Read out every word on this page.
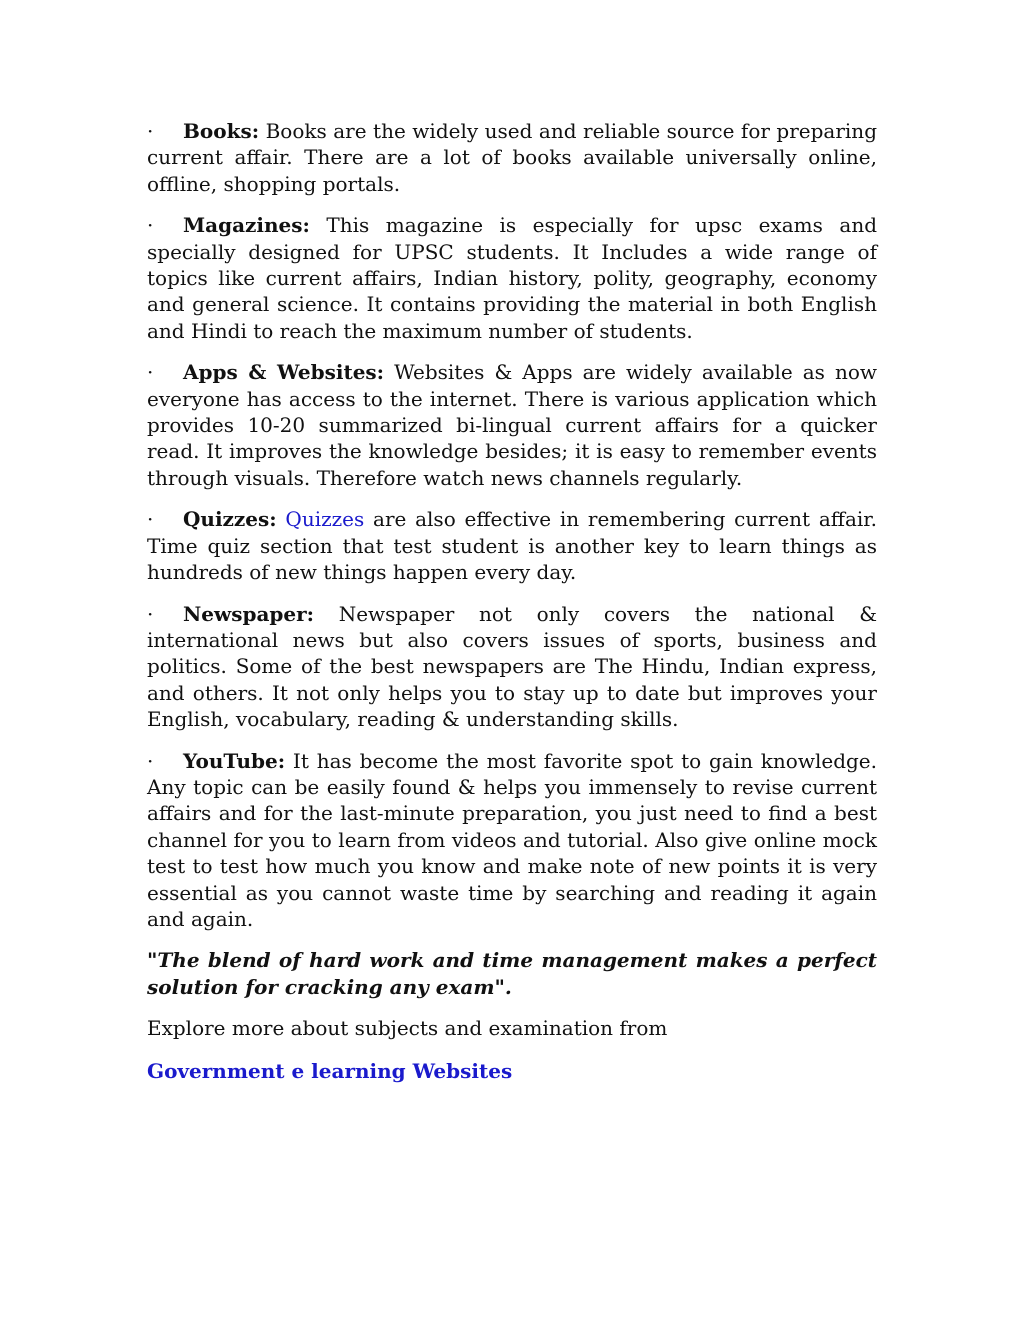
· Books: Books are the widely used and reliable source for preparing current affair. There are a lot of books available universally online, offline, shopping portals.

· Magazines: This magazine is especially for upsc exams and specially designed for UPSC students. It Includes a wide range of topics like current affairs, Indian history, polity, geography, economy and general science. It contains providing the material in both English and Hindi to reach the maximum number of students.

· Apps & Websites: Websites & Apps are widely available as now everyone has access to the internet. There is various application which provides 10-20 summarized bi-lingual current affairs for a quicker read. It improves the knowledge besides; it is easy to remember events through visuals. Therefore watch news channels regularly.

· Quizzes: Quizzes are also effective in remembering current affair. Time quiz section that test student is another key to learn things as hundreds of new things happen every day.

· Newspaper: Newspaper not only covers the national & international news but also covers issues of sports, business and politics. Some of the best newspapers are The Hindu, Indian express, and others. It not only helps you to stay up to date but improves your English, vocabulary, reading & understanding skills.

· YouTube: It has become the most favorite spot to gain knowledge. Any topic can be easily found & helps you immensely to revise current affairs and for the last-minute preparation, you just need to find a best channel for you to learn from videos and tutorial. Also give online mock test to test how much you know and make note of new points it is very essential as you cannot waste time by searching and reading it again and again.

"The blend of hard work and time management makes a perfect solution for cracking any exam".

Explore more about subjects and examination from

Government e learning Websites
